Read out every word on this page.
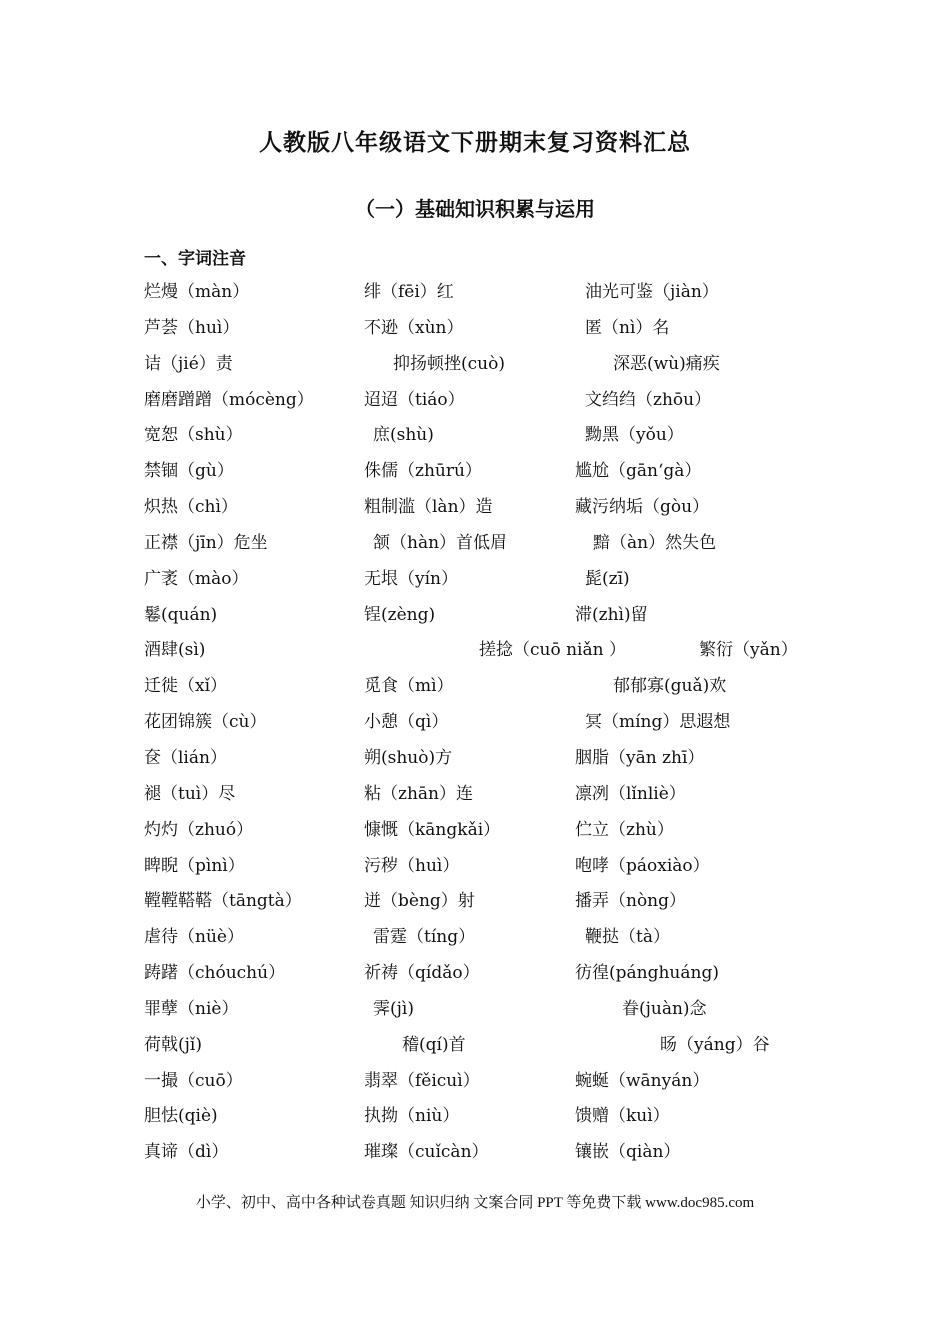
人教版八年级语文下册期末复习资料汇总
（一）基础知识积累与运用
一、字词注音
烂熳（màn）	绯（fēi）红	油光可鉴（jiàn）
芦荟（huì）	不逊（xùn）	匿（nì）名
诘（jié）责	抑扬顿挫(cuò)	深恶(wù)痛疾
磨磨蹭蹭（mócèng）	迢迢（tiáo）	文绉绉（zhōu）
宽恕（shù）	庶(shù)	黝黑（yǒu）
禁锢（gù）	侏儒（zhūrú）	尴尬（gān‘gà）
炽热（chì）	粗制滥（làn）造	藏污纳垢（gòu）
正襟（jīn）危坐	颔（hàn）首低眉	黯（àn）然失色
广袤（mào）	无垠（yín）	髭(zī)
鬈(quán)	锃(zèng)	滞(zhì)留
酒肆(sì)	搓捻（cuō niǎn ）	繁衍（yǎn）
迁徙（xǐ）	觅食（mì）	郁郁寡(guǎ)欢
花团锦簇（cù）	小憩（qì）	冥（míng）思遐想
奁（lián）	朔(shuò)方	胭脂（yān zhī）
褪（tuì）尽	粘（zhān）连	凛冽（lǐnliè）
灼灼（zhuó）	慷慨（kāngkǎi）	伫立（zhù）
睥睨（pìnì）	污秽（huì）	咆哮（páoxiào）
鞺鞺鞳鞳（tāngtà）	迸（bèng）射	播弄（nòng）
虐待（nüè）	雷霆（tíng）	鞭挞（tà）
踌躇（chóuchú）	祈祷（qídǎo）	彷徨(pánghuáng)
罪孽（niè）	霁(jì)	眷(juàn)念
荷戟(jǐ)	稽(qí)首	旸（yáng）谷
一撮（cuō）	翡翠（fěicuì）	蜿蜒（wānyán）
胆怯(qiè)	执拗（niù）	馈赠（kuì）
真谛（dì）	璀璨（cuǐcàn）	镶嵌（qiàn）
小学、初中、高中各种试卷真题 知识归纳 文案合同 PPT 等免费下载 www.doc985.com
